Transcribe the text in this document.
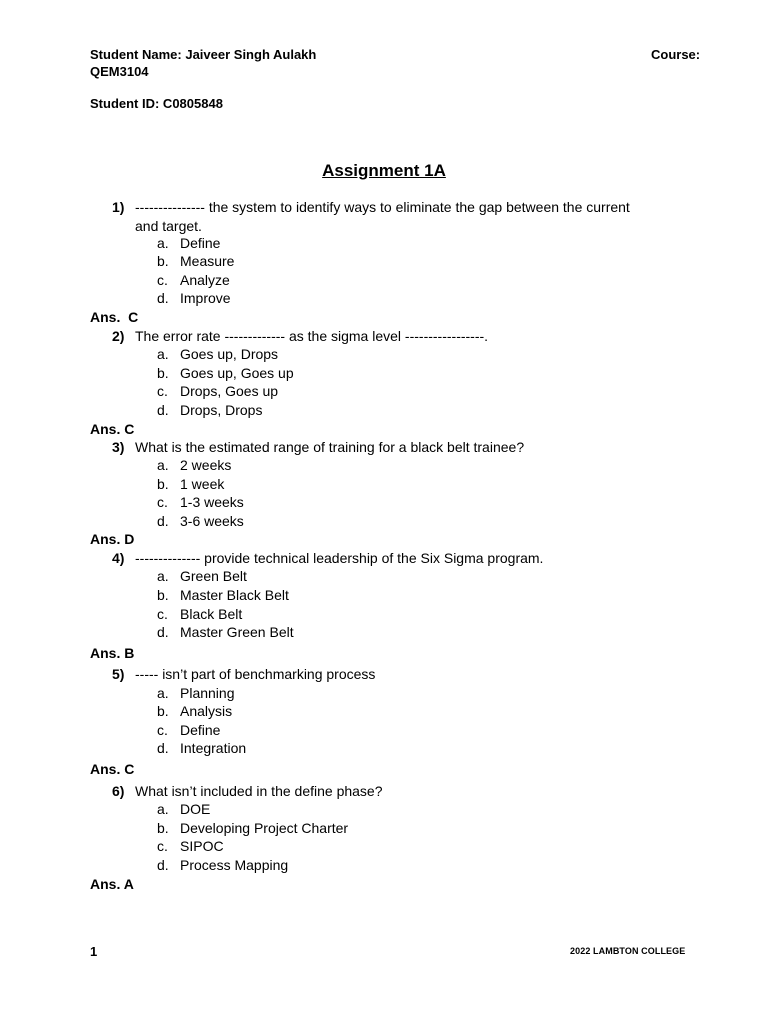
Student Name: Jaiveer Singh Aulakh	Course:
QEM3104
Student ID: C0805848
Assignment 1A
1) --------------- the system to identify ways to eliminate the gap between the current and target.
a. Define
b. Measure
c. Analyze
d. Improve
Ans.  C
2) The error rate ------------- as the sigma level -----------------.
a. Goes up, Drops
b. Goes up, Goes up
c. Drops, Goes up
d. Drops, Drops
Ans. C
3) What is the estimated range of training for a black belt trainee?
a. 2 weeks
b. 1 week
c. 1-3 weeks
d. 3-6 weeks
Ans. D
4) -------------- provide technical leadership of the Six Sigma program.
a. Green Belt
b. Master Black Belt
c. Black Belt
d. Master Green Belt
Ans. B
5) ----- isn’t part of benchmarking process
a. Planning
b. Analysis
c. Define
d. Integration
Ans. C
6) What isn’t included in the define phase?
a. DOE
b. Developing Project Charter
c. SIPOC
d. Process Mapping
Ans. A
1	2022 LAMBTON COLLEGE
